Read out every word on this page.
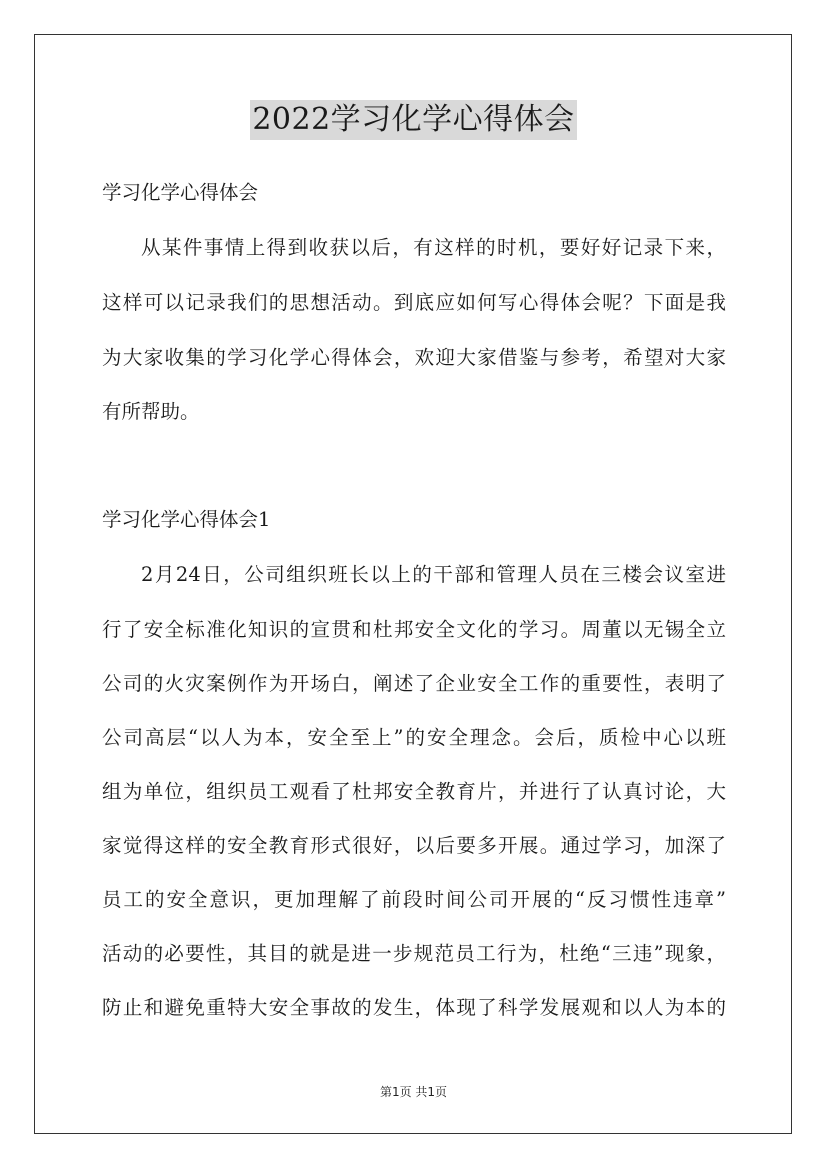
2022学习化学心得体会
学习化学心得体会
从某件事情上得到收获以后，有这样的时机，要好好记录下来，
这样可以记录我们的思想活动。到底应如何写心得体会呢？下面是我
为大家收集的学习化学心得体会，欢迎大家借鉴与参考，希望对大家
有所帮助。
学习化学心得体会1
2月24日，公司组织班长以上的干部和管理人员在三楼会议室进
行了安全标准化知识的宣贯和杜邦安全文化的学习。周董以无锡全立
公司的火灾案例作为开场白，阐述了企业安全工作的重要性，表明了
公司高层“以人为本，安全至上”的安全理念。会后，质检中心以班
组为单位，组织员工观看了杜邦安全教育片，并进行了认真讨论，大
家觉得这样的安全教育形式很好，以后要多开展。通过学习，加深了
员工的安全意识，更加理解了前段时间公司开展的“反习惯性违章”
活动的必要性，其目的就是进一步规范员工行为，杜绝“三违”现象，
防止和避免重特大安全事故的发生，体现了科学发展观和以人为本的
第1页 共1页
